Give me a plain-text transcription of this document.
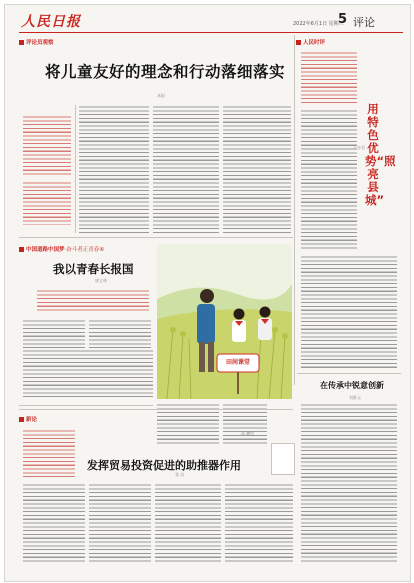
人民日报	2022年6月1日 星期三
5 评论
评论员观察	人民时评
将儿童友好的理念和行动落细落实
本报
用特色优势“照亮县城”
王亦君
中国道路中国梦·奋斗者正青春⑥
我以青春长报国
唐义林
田间课堂
蒋 鹏绘
在传承中锐意创新
刘维元
新论
发挥贸易投资促进的助推器作用
张 岩
